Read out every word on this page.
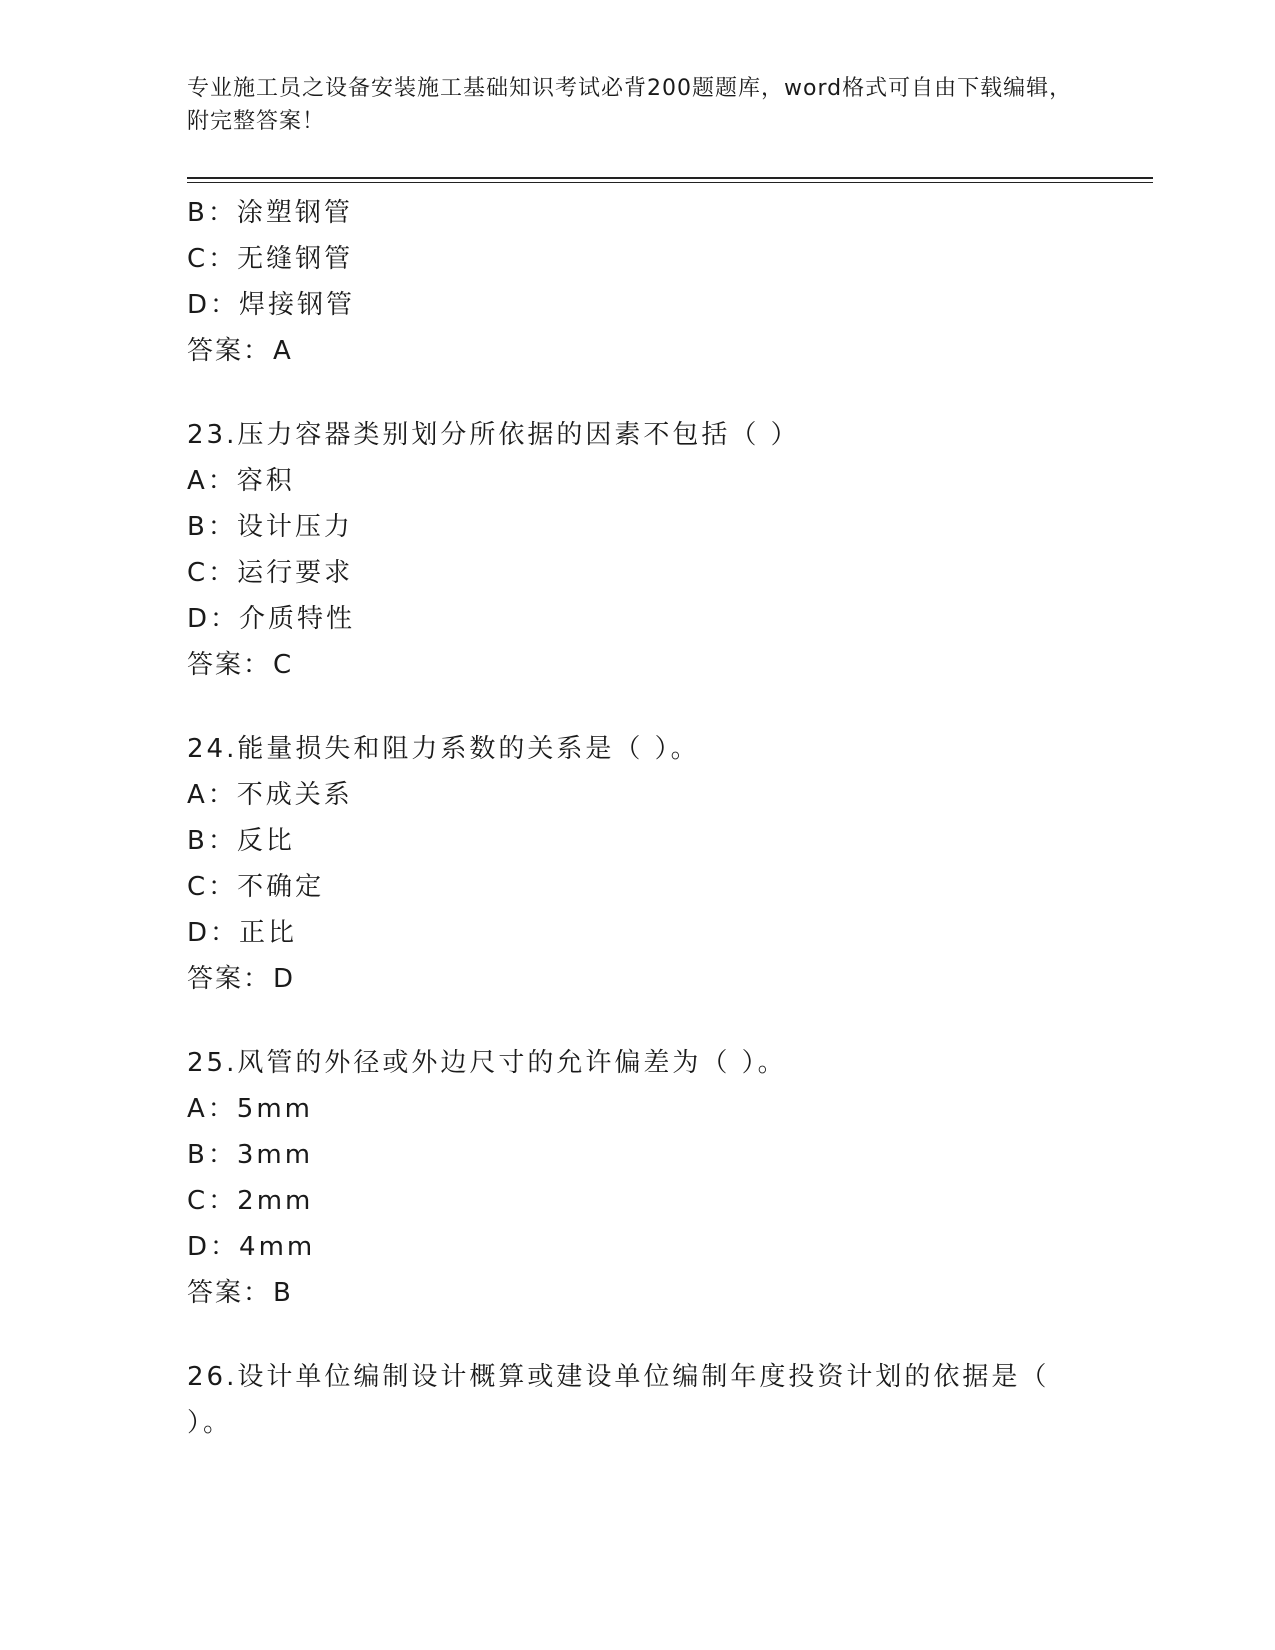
专业施工员之设备安装施工基础知识考试必背200题题库，word格式可自由下载编辑，附完整答案！
B：涂塑钢管
C：无缝钢管
D：焊接钢管
答案：A
23.压力容器类别划分所依据的因素不包括（ ）
A：容积
B：设计压力
C：运行要求
D：介质特性
答案：C
24.能量损失和阻力系数的关系是（ ）。
A：不成关系
B：反比
C：不确定
D：正比
答案：D
25.风管的外径或外边尺寸的允许偏差为（ ）。
A：5mm
B：3mm
C：2mm
D：4mm
答案：B
26.设计单位编制设计概算或建设单位编制年度投资计划的依据是（ ）。
